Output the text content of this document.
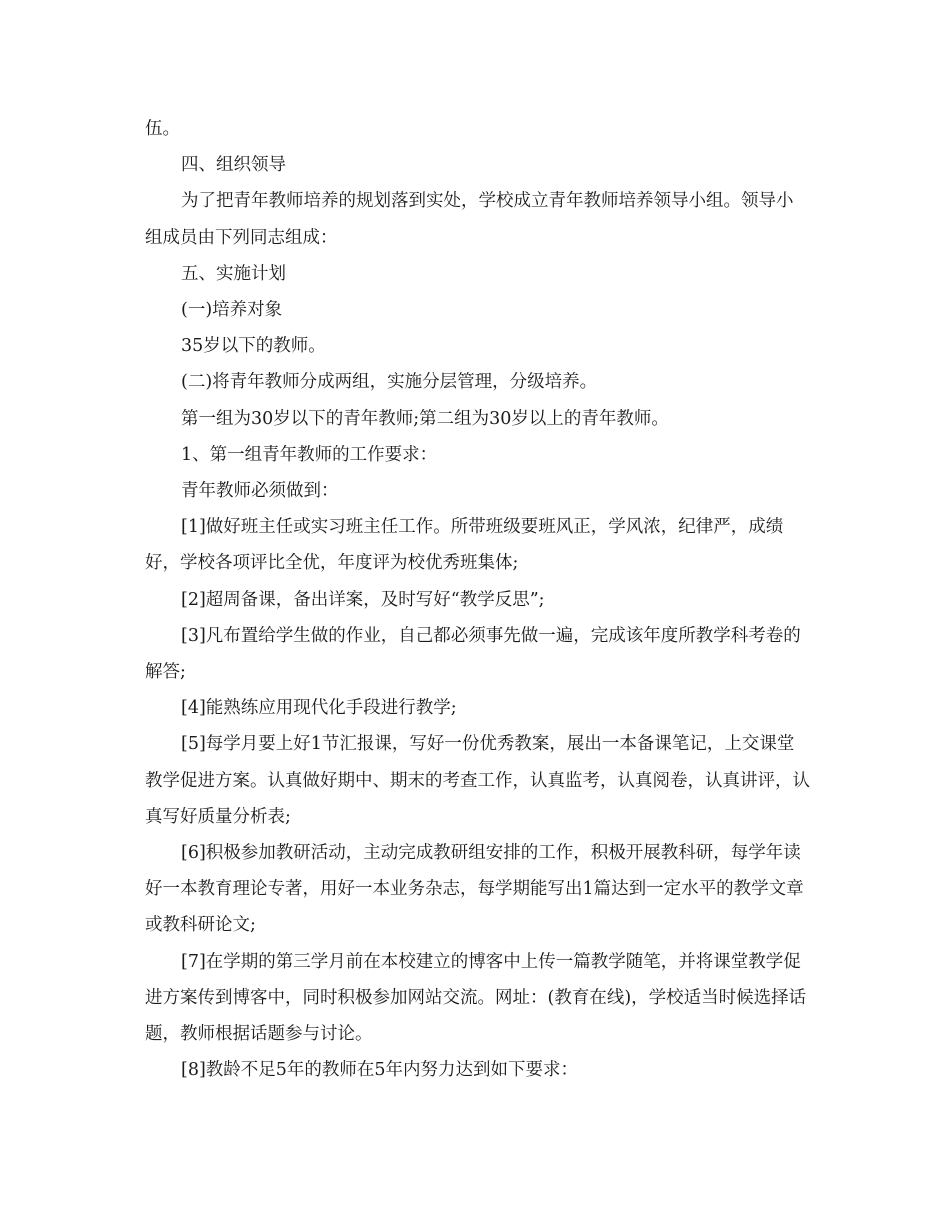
伍。

四、组织领导

为了把青年教师培养的规划落到实处，学校成立青年教师培养领导小组。领导小组成员由下列同志组成：

五、实施计划

(一)培养对象

35岁以下的教师。

(二)将青年教师分成两组，实施分层管理，分级培养。

第一组为30岁以下的青年教师;第二组为30岁以上的青年教师。

1、第一组青年教师的工作要求：

青年教师必须做到：

[1]做好班主任或实习班主任工作。所带班级要班风正，学风浓，纪律严，成绩好，学校各项评比全优，年度评为校优秀班集体;

[2]超周备课，备出详案，及时写好“教学反思”;

[3]凡布置给学生做的作业，自己都必须事先做一遍，完成该年度所教学科考卷的解答;

[4]能熟练应用现代化手段进行教学;

[5]每学月要上好1节汇报课，写好一份优秀教案，展出一本备课笔记，上交课堂教学促进方案。认真做好期中、期末的考查工作，认真监考，认真阅卷，认真讲评，认真写好质量分析表;

[6]积极参加教研活动，主动完成教研组安排的工作，积极开展教科研，每学年读好一本教育理论专著，用好一本业务杂志，每学期能写出1篇达到一定水平的教学文章或教科研论文;

[7]在学期的第三学月前在本校建立的博客中上传一篇教学随笔，并将课堂教学促进方案传到博客中，同时积极参加网站交流。网址：(教育在线)，学校适当时候选择话题，教师根据话题参与讨论。

[8]教龄不足5年的教师在5年内努力达到如下要求：
